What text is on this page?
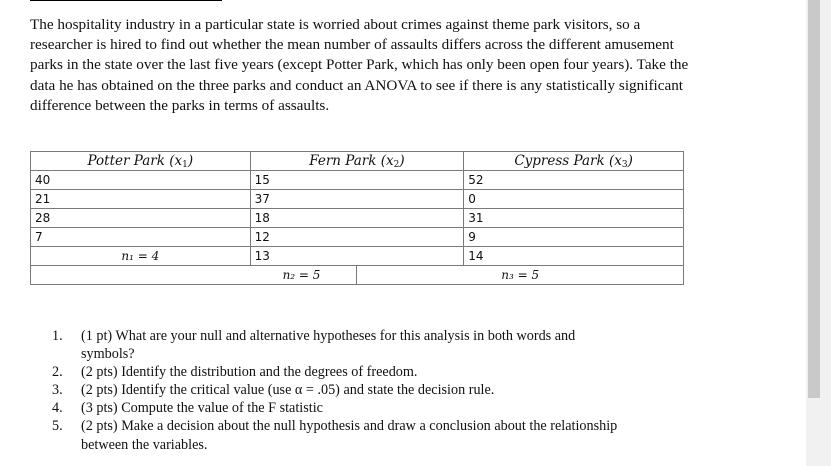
The hospitality industry in a particular state is worried about crimes against theme park visitors, so a researcher is hired to find out whether the mean number of assaults differs across the different amusement parks in the state over the last five years (except Potter Park, which has only been open four years). Take the data he has obtained on the three parks and conduct an ANOVA to see if there is any statistically significant difference between the parks in terms of assaults.
Potter Park $(x_1)$	Fern Park $(x_2)$		Cypress Park $(x_3)$
40	15		52
21	37		0
28	18		31
7	12		9
n₁ = 4	13		14
n₂ = 5		n₃ = 5	
1. (1 pt) What are your null and alternative hypotheses for this analysis in both words and symbols?
2. (2 pts) Identify the distribution and the degrees of freedom.
3. (2 pts) Identify the critical value (use α = .05) and state the decision rule.
4. (3 pts) Compute the value of the F statistic
5. (2 pts) Make a decision about the null hypothesis and draw a conclusion about the relationship between the variables.
